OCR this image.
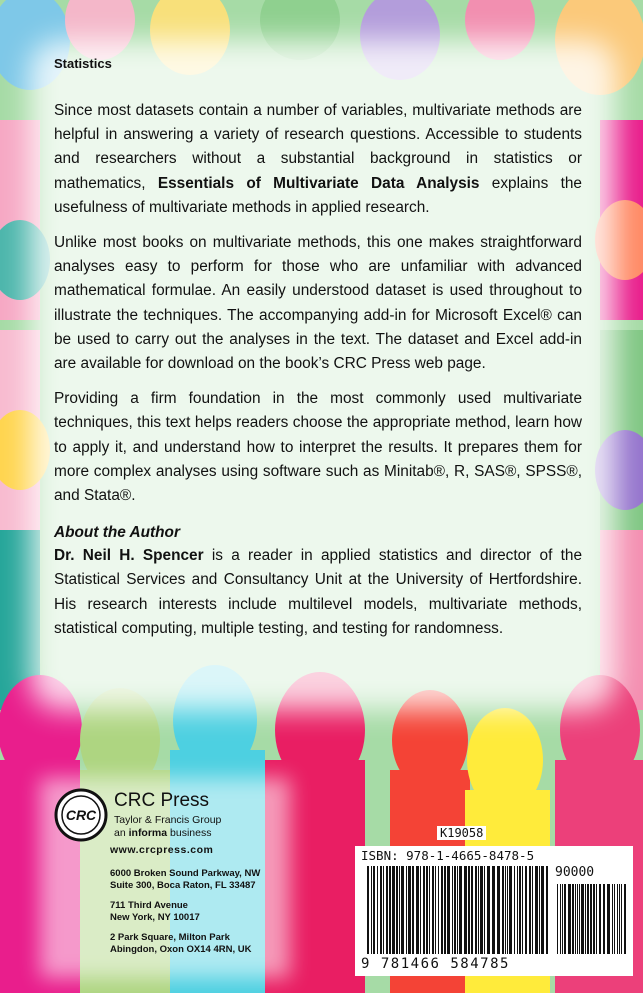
Statistics

Since most datasets contain a number of variables, multivariate methods are helpful in answering a variety of research questions. Accessible to students and researchers without a substantial background in statistics or mathematics, Essentials of Multivariate Data Analysis explains the usefulness of multivariate methods in applied research.

Unlike most books on multivariate methods, this one makes straightforward analyses easy to perform for those who are unfamiliar with advanced mathematical formulae. An easily understood dataset is used throughout to illustrate the techniques. The accompanying add-in for Microsoft Excel® can be used to carry out the analyses in the text. The dataset and Excel add-in are available for download on the book’s CRC Press web page.

Providing a firm foundation in the most commonly used multivariate techniques, this text helps readers choose the appropriate method, learn how to apply it, and understand how to interpret the results. It prepares them for more complex analyses using software such as Minitab®, R, SAS®, SPSS®, and Stata®.

About the Author

Dr. Neil H. Spencer is a reader in applied statistics and director of the Statistical Services and Consultancy Unit at the University of Hertfordshire. His research interests include multilevel models, multivariate methods, statistical computing, multiple testing, and testing for randomness.

CRC
CRC Press
Taylor & Francis Group
an informa business
www.crcpress.com
6000 Broken Sound Parkway, NW
Suite 300, Boca Raton, FL 33487
711 Third Avenue
New York, NY 10017
2 Park Square, Milton Park
Abingdon, Oxon OX14 4RN, UK
K19058
ISBN: 978-1-4665-8478-5
90000
9 781466 584785
